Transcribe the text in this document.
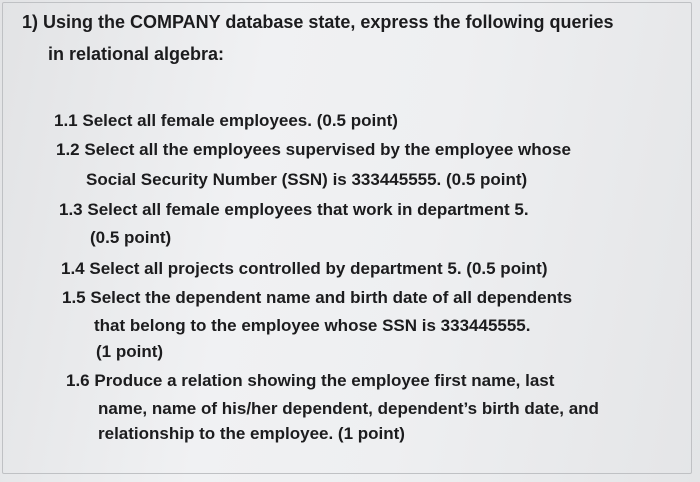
1) Using the COMPANY database state, express the following queries

in relational algebra:

1.1 Select all female employees. (0.5 point)

1.2 Select all the employees supervised by the employee whose

Social Security Number (SSN) is 333445555. (0.5 point)

1.3 Select all female employees that work in department 5.

(0.5 point)

1.4 Select all projects controlled by department 5. (0.5 point)

1.5 Select the dependent name and birth date of all dependents

that belong to the employee whose SSN is 333445555.

(1 point)

1.6 Produce a relation showing the employee first name, last

name, name of his/her dependent, dependent’s birth date, and

relationship to the employee. (1 point)
